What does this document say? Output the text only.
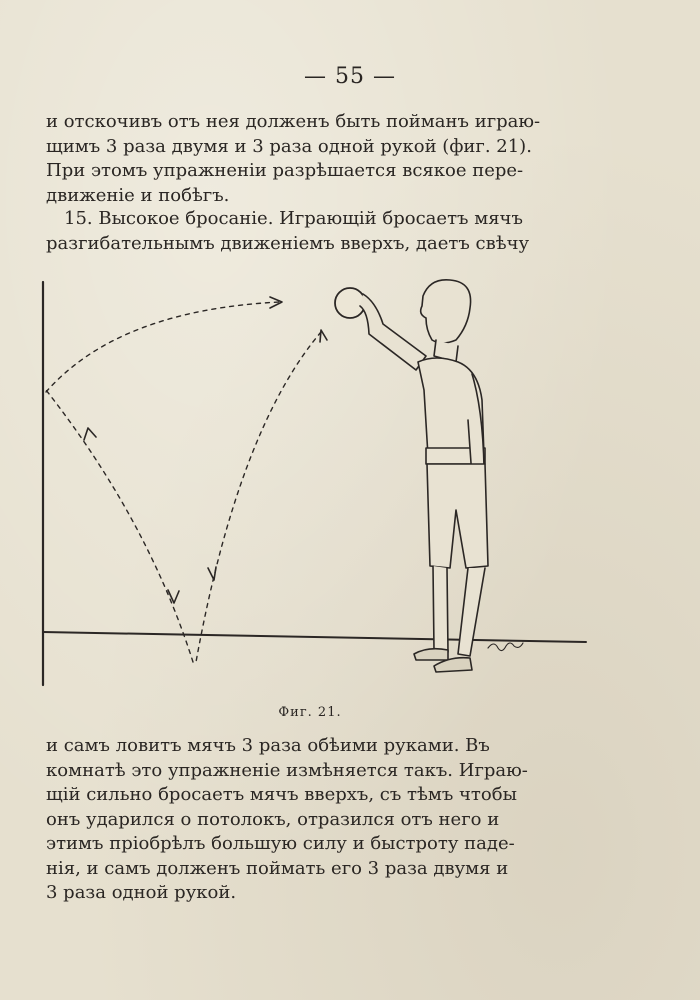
— 55 —

и отскочивъ отъ нея долженъ быть пойманъ играю-
щимъ 3 раза двумя и 3 раза одной рукой (фиг. 21).
При этомъ упражненіи разрѣшается всякое пере-
движеніе и побѣгъ.

15. Высокое бросаніе. Играющій бросаетъ мячъ
разгибательнымъ движеніемъ вверхъ, даетъ свѣчу

Фиг. 21.

и самъ ловитъ мячъ 3 раза обѣими руками. Въ
комнатѣ это упражненіе измѣняется такъ. Играю-
щій сильно бросаетъ мячъ вверхъ, съ тѣмъ чтобы
онъ ударился о потолокъ, отразился отъ него и
этимъ пріобрѣлъ большую силу и быстроту паде-
нія, и самъ долженъ поймать его 3 раза двумя и
3 раза одной рукой.
